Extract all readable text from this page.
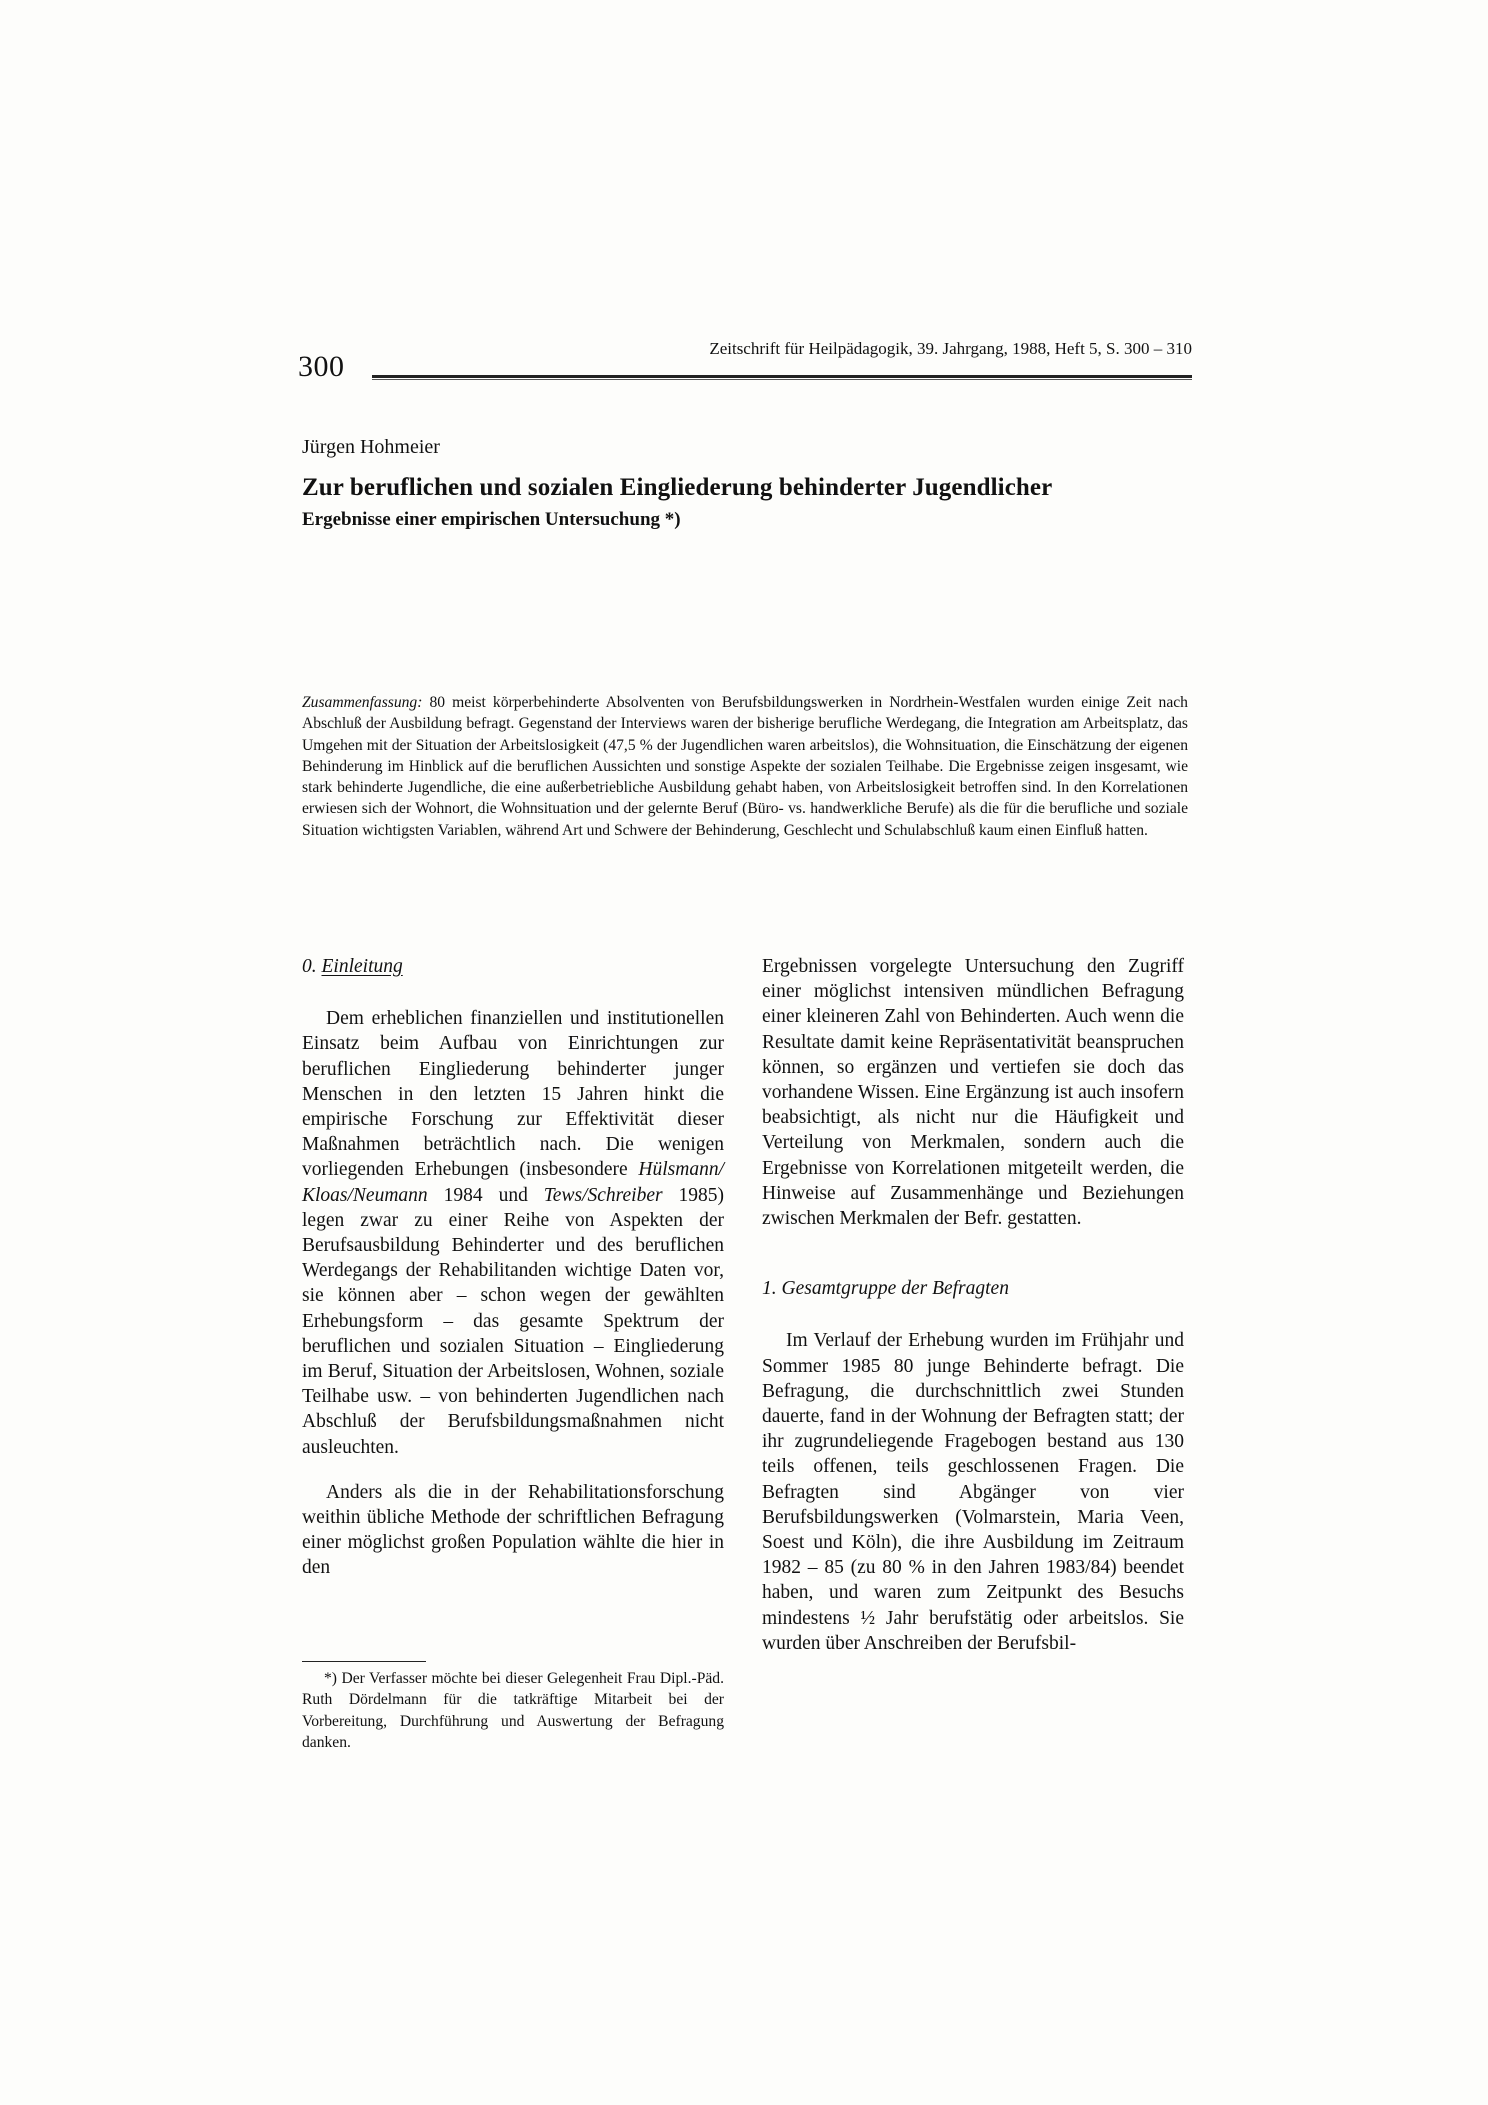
300
Zeitschrift für Heilpädagogik, 39. Jahrgang, 1988, Heft 5, S. 300 – 310
Jürgen Hohmeier
Zur beruflichen und sozialen Eingliederung behinderter Jugendlicher
Ergebnisse einer empirischen Untersuchung *)
Zusammenfassung: 80 meist körperbehinderte Absolventen von Berufsbildungswerken in Nordrhein-Westfalen wurden einige Zeit nach Abschluß der Ausbildung befragt. Gegenstand der Interviews waren der bisherige berufliche Werdegang, die Integration am Arbeitsplatz, das Umgehen mit der Situation der Arbeitslosigkeit (47,5 % der Jugendlichen waren arbeitslos), die Wohnsituation, die Einschätzung der eigenen Behinderung im Hinblick auf die beruflichen Aussichten und sonstige Aspekte der sozialen Teilhabe. Die Ergebnisse zeigen insgesamt, wie stark behinderte Jugendliche, die eine außerbetriebliche Ausbildung gehabt haben, von Arbeitslosigkeit betroffen sind. In den Korrelationen erwiesen sich der Wohnort, die Wohnsituation und der gelernte Beruf (Büro- vs. handwerkliche Berufe) als die für die berufliche und soziale Situation wichtigsten Variablen, während Art und Schwere der Behinderung, Geschlecht und Schulabschluß kaum einen Einfluß hatten.

0. Einleitung

Dem erheblichen finanziellen und institutionellen Einsatz beim Aufbau von Einrichtungen zur beruflichen Eingliederung behinderter junger Menschen in den letzten 15 Jahren hinkt die empirische Forschung zur Effektivität dieser Maßnahmen beträchtlich nach. Die wenigen vorliegenden Erhebungen (insbesondere Hülsmann/ Kloas/Neumann 1984 und Tews/Schreiber 1985) legen zwar zu einer Reihe von Aspekten der Berufsausbildung Behinderter und des beruflichen Werdegangs der Rehabilitanden wichtige Daten vor, sie können aber – schon wegen der gewählten Erhebungsform – das gesamte Spektrum der beruflichen und sozialen Situation – Eingliederung im Beruf, Situation der Arbeitslosen, Wohnen, soziale Teilhabe usw. – von behinderten Jugendlichen nach Abschluß der Berufsbildungsmaßnahmen nicht ausleuchten.

Anders als die in der Rehabilitationsforschung weithin übliche Methode der schriftlichen Befragung einer möglichst großen Population wählte die hier in den

*) Der Verfasser möchte bei dieser Gelegenheit Frau Dipl.-Päd. Ruth Dördelmann für die tatkräftige Mitarbeit bei der Vorbereitung, Durchführung und Auswertung der Befragung danken.

Ergebnissen vorgelegte Untersuchung den Zugriff einer möglichst intensiven mündlichen Befragung einer kleineren Zahl von Behinderten. Auch wenn die Resultate damit keine Repräsentativität beanspruchen können, so ergänzen und vertiefen sie doch das vorhandene Wissen. Eine Ergänzung ist auch insofern beabsichtigt, als nicht nur die Häufigkeit und Verteilung von Merkmalen, sondern auch die Ergebnisse von Korrelationen mitgeteilt werden, die Hinweise auf Zusammenhänge und Beziehungen zwischen Merkmalen der Befr. gestatten.

1. Gesamtgruppe der Befragten

Im Verlauf der Erhebung wurden im Frühjahr und Sommer 1985 80 junge Behinderte befragt. Die Befragung, die durchschnittlich zwei Stunden dauerte, fand in der Wohnung der Befragten statt; der ihr zugrundeliegende Fragebogen bestand aus 130 teils offenen, teils geschlossenen Fragen. Die Befragten sind Abgänger von vier Berufsbildungswerken (Volmarstein, Maria Veen, Soest und Köln), die ihre Ausbildung im Zeitraum 1982 – 85 (zu 80 % in den Jahren 1983/84) beendet haben, und waren zum Zeitpunkt des Besuchs mindestens ½ Jahr berufstätig oder arbeitslos. Sie wurden über Anschreiben der Berufsbil-
